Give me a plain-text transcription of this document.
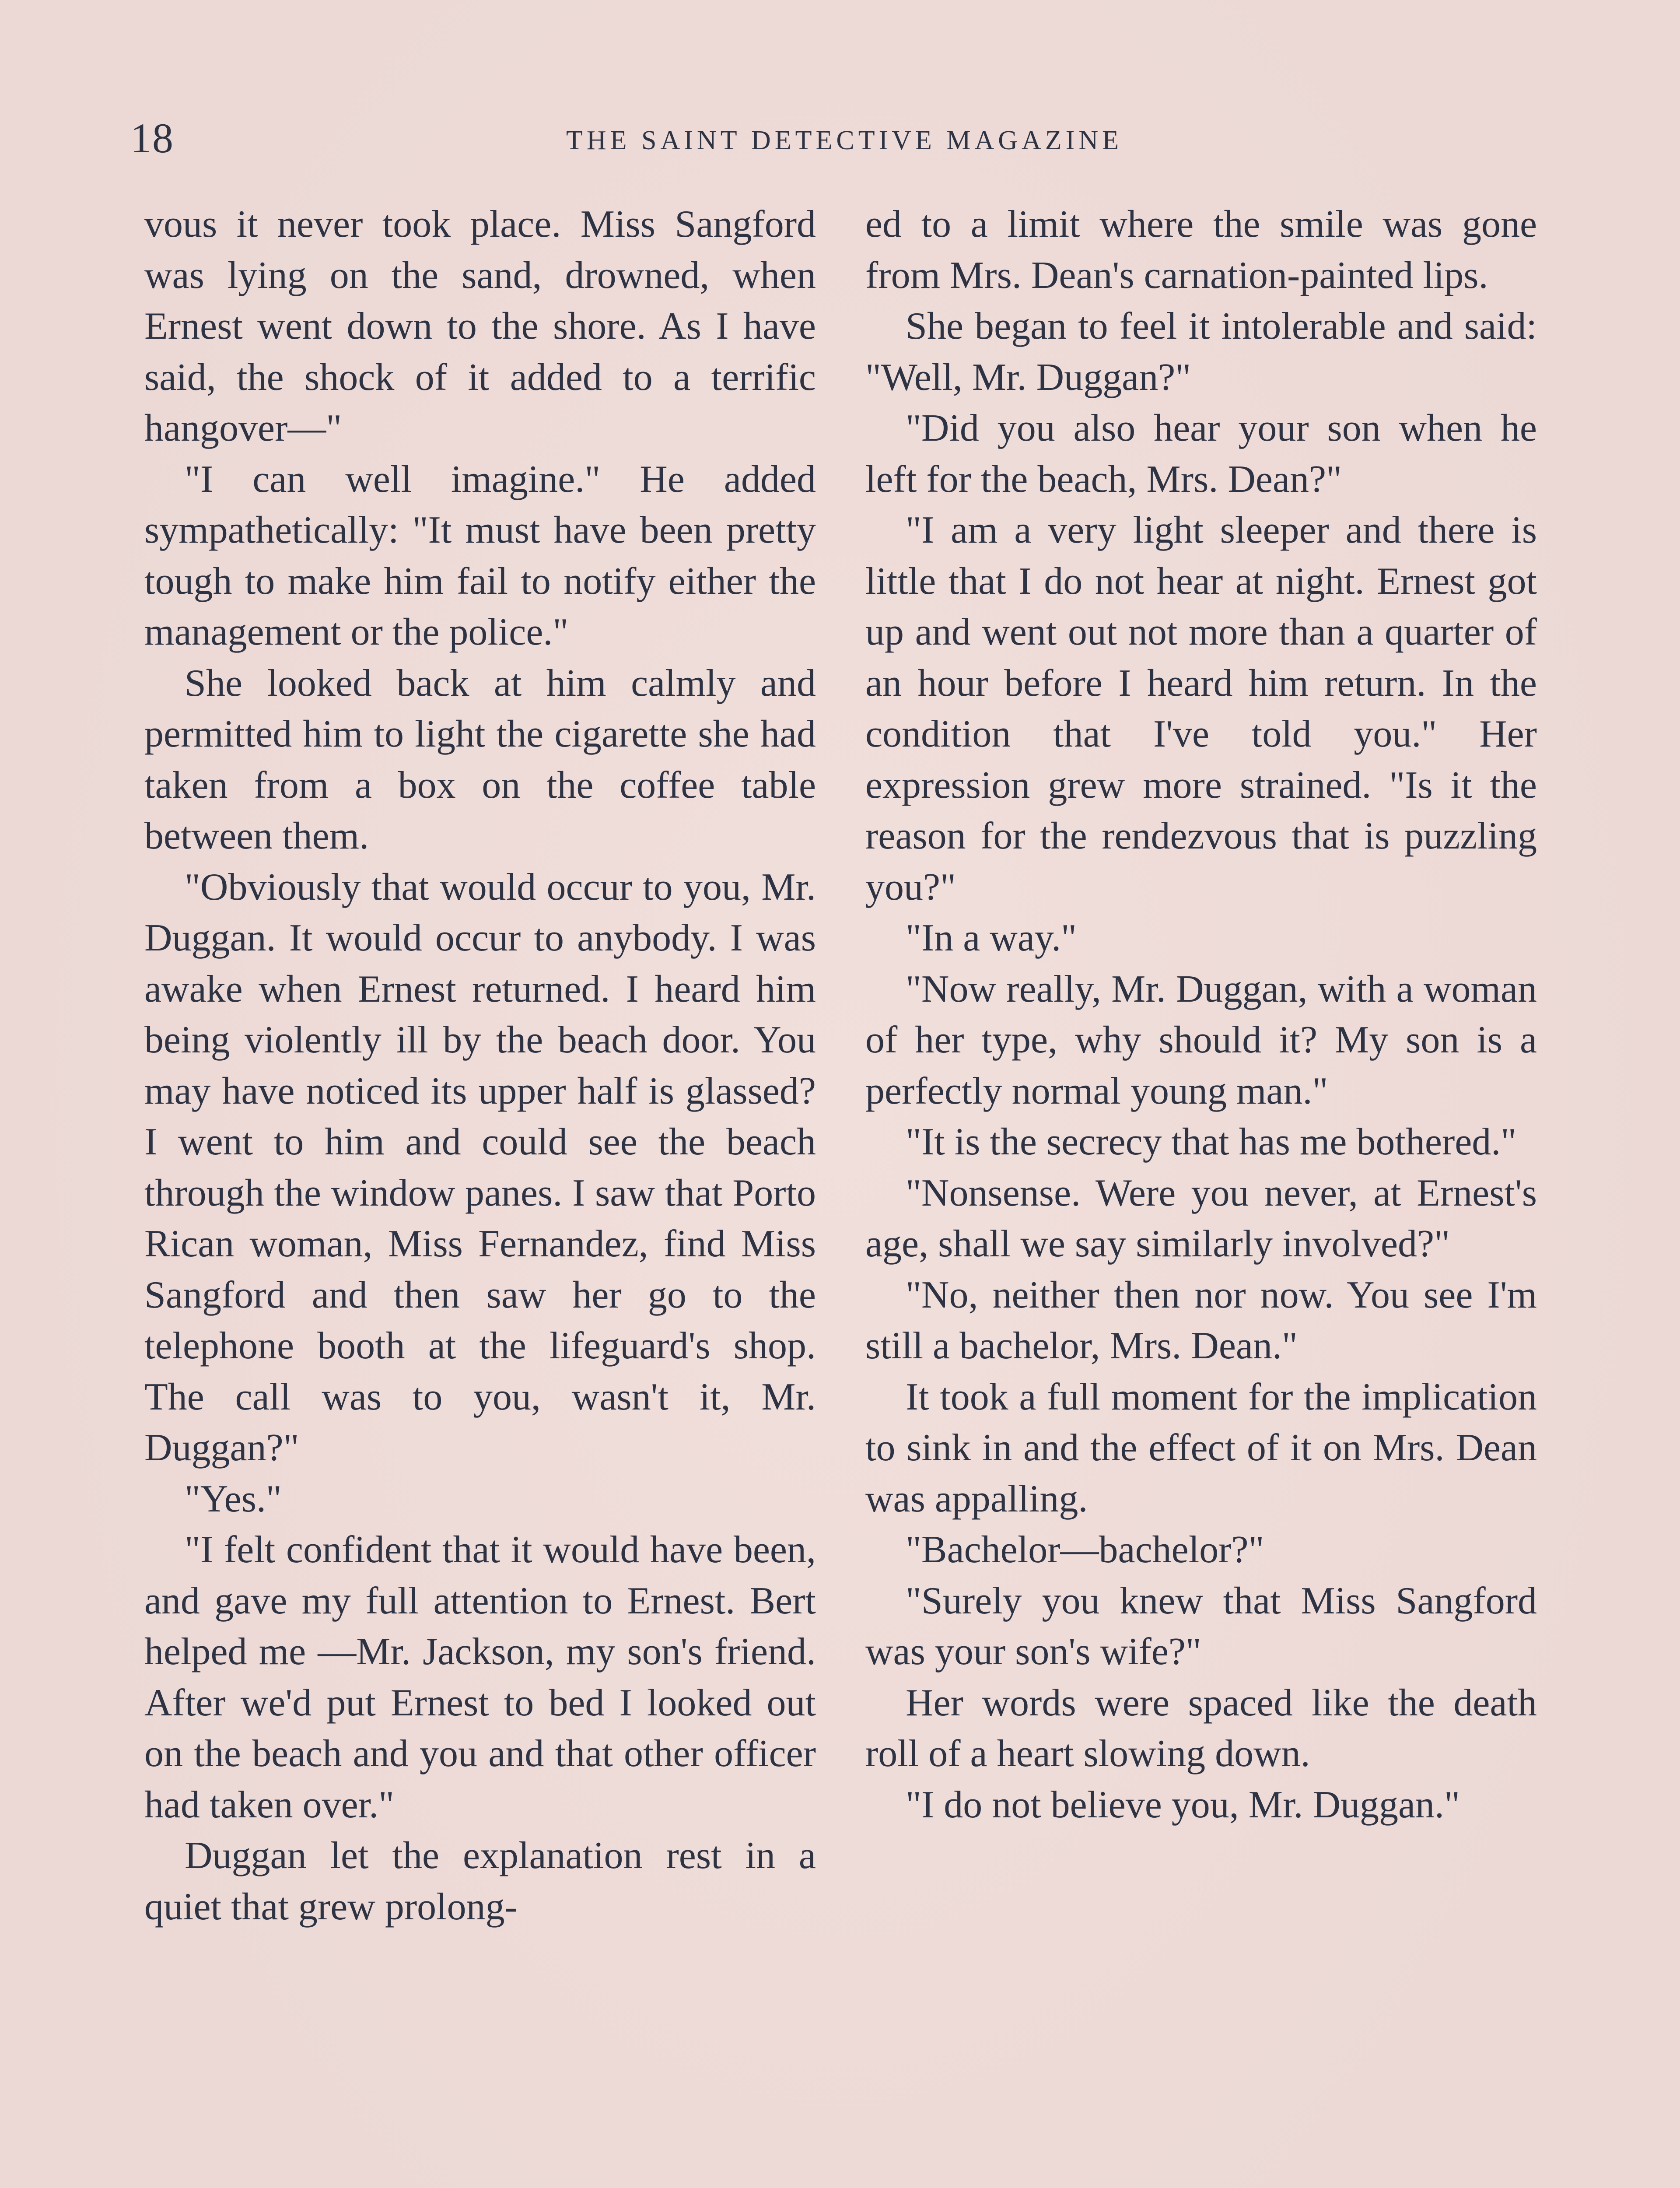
18	THE SAINT DETECTIVE MAGAZINE

vous it never took place. Miss Sangford was lying on the sand, drowned, when Ernest went down to the shore. As I have said, the shock of it added to a terrific hangover—"

"I can well imagine." He added sympathetically: "It must have been pretty tough to make him fail to notify either the management or the police."

She looked back at him calmly and permitted him to light the cigarette she had taken from a box on the coffee table between them.

"Obviously that would occur to you, Mr. Duggan. It would occur to anybody. I was awake when Ernest returned. I heard him being violently ill by the beach door. You may have noticed its upper half is glassed? I went to him and could see the beach through the window panes. I saw that Porto Rican woman, Miss Fernandez, find Miss Sangford and then saw her go to the telephone booth at the lifeguard's shop. The call was to you, wasn't it, Mr. Duggan?"

"Yes."

"I felt confident that it would have been, and gave my full attention to Ernest. Bert helped me —Mr. Jackson, my son's friend. After we'd put Ernest to bed I looked out on the beach and you and that other officer had taken over."

Duggan let the explanation rest in a quiet that grew prolong-

ed to a limit where the smile was gone from Mrs. Dean's carnation-painted lips.

She began to feel it intolerable and said: "Well, Mr. Duggan?"

"Did you also hear your son when he left for the beach, Mrs. Dean?"

"I am a very light sleeper and there is little that I do not hear at night. Ernest got up and went out not more than a quarter of an hour before I heard him return. In the condition that I've told you." Her expression grew more strained. "Is it the reason for the rendezvous that is puzzling you?"

"In a way."

"Now really, Mr. Duggan, with a woman of her type, why should it? My son is a perfectly normal young man."

"It is the secrecy that has me bothered."

"Nonsense. Were you never, at Ernest's age, shall we say similarly involved?"

"No, neither then nor now. You see I'm still a bachelor, Mrs. Dean."

It took a full moment for the implication to sink in and the effect of it on Mrs. Dean was appalling.

"Bachelor—bachelor?"

"Surely you knew that Miss Sangford was your son's wife?"

Her words were spaced like the death roll of a heart slowing down.

"I do not believe you, Mr. Duggan."
